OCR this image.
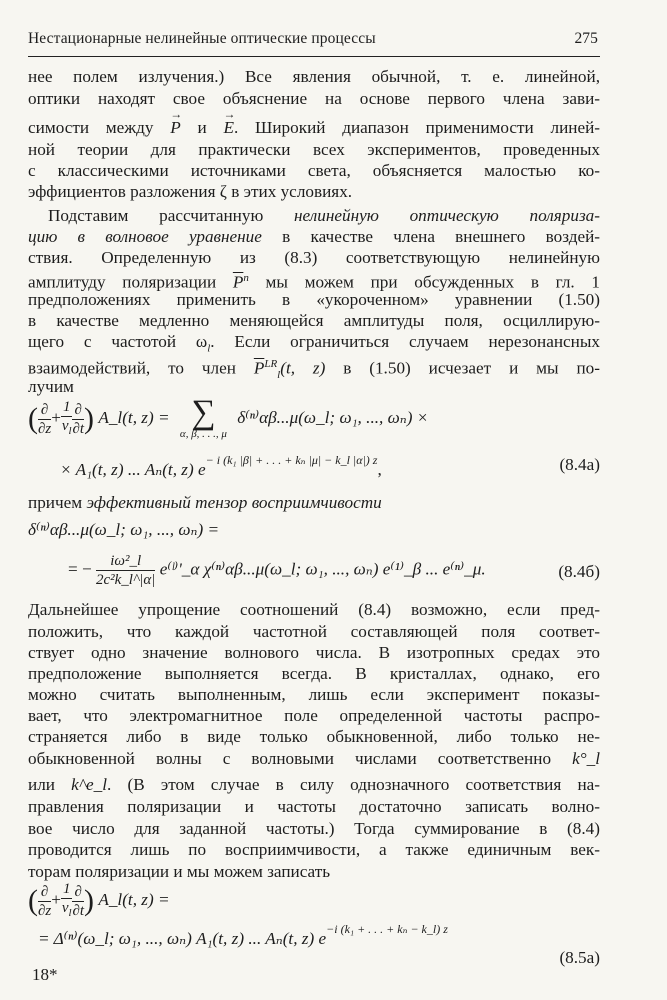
Нестационарные нелинейные оптические процессы	275
нее полем излучения.) Все явления обычной, т. е. линейной,
оптики находят свое объяснение на основе первого члена зави-
симости между → P и → E. Широкий диапазон применимости линей-
ной теории для практически всех экспериментов, проведенных
с классическими источниками света, объясняется малостью ко-
эффициентов разложения ζ в этих условиях.
Подставим рассчитанную нелинейную оптическую поляриза-
цию в волновое уравнение в качестве члена внешнего воздей-
ствия. Определенную из (8.3) соответствующую нелинейную
амплитуду поляризации $\overline{P}^n$ мы можем при обсужденных в гл. 1
предположениях применить в «укороченном» уравнении (1.50)
в качестве медленно меняющейся амплитуды поля, осциллирую-
щего с частотой $\omega_l$. Если ограничиться случаем нерезонансных
взаимодействий, то член $\overline{P}^{LR}_l(t$, z) в (1.50) исчезает и мы по-
лучим
( $\frac{\partial}{\partial z} + \frac{1}{v_l} \frac{\partial}{\partial t}$ ) A_l(t, z) = ∑
α, β, . . ., μ
δ⁽ⁿ⁾αβ...μ(ω_l; ω₁, ..., ωₙ) ×
× A₁(t, z) ... Aₙ(t, z) $e^{- i (k_1 |\beta| + . . . + k_n |\mu| - k\_l |\alpha|) z}$,	(8.4а)
причем эффективный тензор восприимчивости
δ⁽ⁿ⁾αβ...μ(ω_l; ω₁, ..., ωₙ) =
= − $\frac{\text{iω²\_l}}{\text{2c²k\_l\textasciicircum{}|α|}}$ e⁽ˡ⁾ʹ_α χ⁽ⁿ⁾αβ...μ(ω_l; ω₁, ..., ωₙ) e⁽¹⁾_β ... e⁽ⁿ⁾_μ.	(8.4б)
Дальнейшее упрощение соотношений (8.4) возможно, если пред-
положить, что каждой частотной составляющей поля соответ-
ствует одно значение волнового числа. В изотропных средах это
предположение выполняется всегда. В кристаллах, однако, его
можно считать выполненным, лишь если эксперимент показы-
вает, что электромагнитное поле определенной частоты распро-
страняется либо в виде только обыкновенной, либо только не-
обыкновенной волны с волновыми числами соответственно k°_l
или k^e_l. (В этом случае в силу однозначного соответствия на-
правления поляризации и частоты достаточно записать волно-
вое число для заданной частоты.) Тогда суммирование в (8.4)
проводится лишь по восприимчивости, а также единичным век-
торам поляризации и мы можем записать
( $\frac{\partial}{\partial z} + \frac{1}{v_l} \frac{\partial}{\partial t}$ ) A_l(t, z) =
= Δ⁽ⁿ⁾(ω_l; ω₁, ..., ωₙ) A₁(t, z) ... Aₙ(t, z) $e^{-i (k_1 + . . . + k_n - k\_l) z}$
(8.5а)
18*
